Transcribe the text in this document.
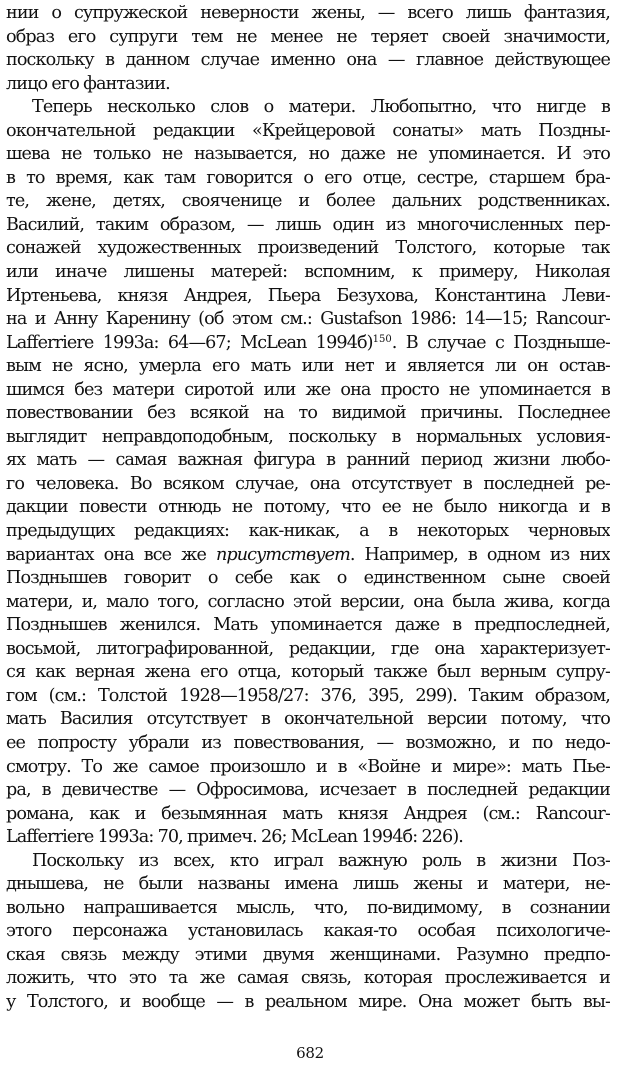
нии о супружеской неверности жены, — всего лишь фантазия,
образ его супруги тем не менее не теряет своей значимости,
поскольку в данном случае именно она — главное действующее
лицо его фантазии.
Теперь несколько слов о матери. Любопытно, что нигде в
окончательной редакции «Крейцеровой сонаты» мать Поздны-
шева не только не называется, но даже не упоминается. И это
в то время, как там говорится о его отце, сестре, старшем бра-
те, жене, детях, свояченице и более дальних родственниках.
Василий, таким образом, — лишь один из многочисленных пер-
сонажей художественных произведений Толстого, которые так
или иначе лишены матерей: вспомним, к примеру, Николая
Иртеньева, князя Андрея, Пьера Безухова, Константина Леви-
на и Анну Каренину (об этом см.: Gustafson 1986: 14—15; Rancour-
Lafferriere 1993a: 64—67; McLean 1994б)$^{150}$. В случае с Позднышe-
вым не ясно, умерла его мать или нет и является ли он остав-
шимся без матери сиротой или же она просто не упоминается в
повествовании без всякой на то видимой причины. Последнее
выглядит неправдоподобным, поскольку в нормальных условия-
ях мать — самая важная фигура в ранний период жизни любо-
го человека. Во всяком случае, она отсутствует в последней ре-
дакции повести отнюдь не потому, что ее не было никогда и в
предыдущих редакциях: как-никак, а в некоторых черновых
вариантах она все же присутствует. Например, в одном из них
Позднышев говорит о себе как о единственном сыне своей
матери, и, мало того, согласно этой версии, она была жива, когда
Позднышев женился. Мать упоминается даже в предпоследней,
восьмой, литографированной, редакции, где она характеризует-
ся как верная жена его отца, который также был верным супру-
гом (см.: Толстой 1928—1958/27: 376, 395, 299). Таким образом,
мать Василия отсутствует в окончательной версии потому, что
ее попросту убрали из повествования, — возможно, и по недо-
смотру. То же самое произошло и в «Войне и мире»: мать Пье-
ра, в девичестве — Офросимова, исчезает в последней редакции
романа, как и безымянная мать князя Андрея (см.: Rancour-
Lafferriere 1993a: 70, примеч. 26; McLean 1994б: 226).
Поскольку из всех, кто играл важную роль в жизни Поз-
днышева, не были названы имена лишь жены и матери, не-
вольно напрашивается мысль, что, по-видимому, в сознании
этого персонажа установилась какая-то особая психологиче-
ская связь между этими двумя женщинами. Разумно предпо-
ложить, что это та же самая связь, которая прослеживается и
у Толстого, и вообще — в реальном мире. Она может быть вы-
682
